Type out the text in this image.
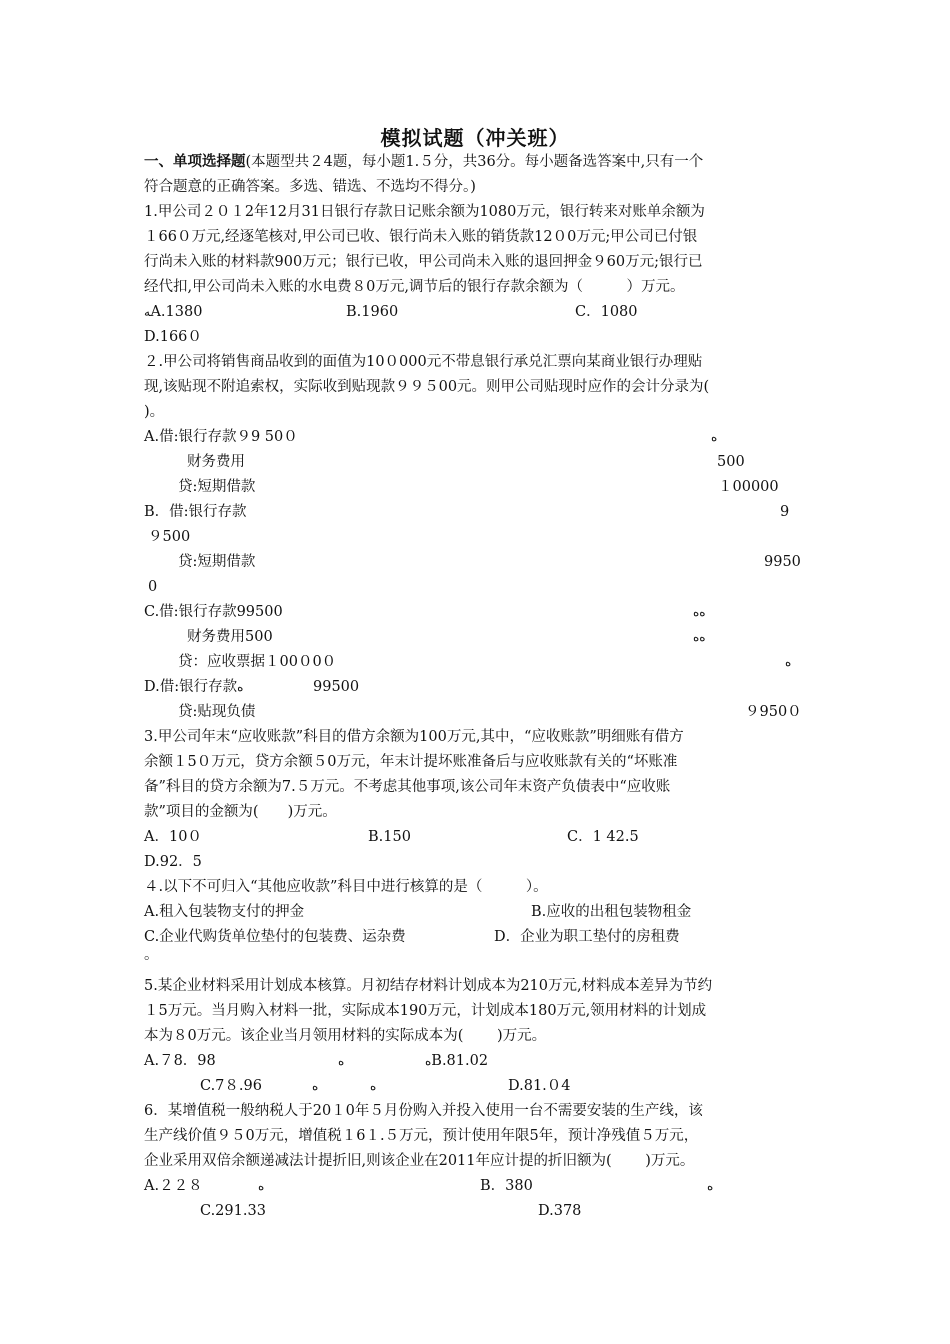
模拟试题（冲关班）
一、单项选择题(本题型共２4题，每小题1.５分，共36分。每小题备选答案中,只有一个
符合题意的正确答案。多选、错选、不选均不得分。)
1.甲公司２０１2年12月31日银行存款日记账余额为1080万元，银行转来对账单余额为
１66０万元,经逐笔核对,甲公司已收、银行尚未入账的销货款12０0万元;甲公司已付银
行尚未入账的材料款900万元；银行已收，甲公司尚未入账的退回押金９60万元;银行已
经代扣,甲公司尚未入账的水电费８0万元,调节后的银行存款余额为（　　　）万元。
ﻪA.1380	B.1960	C．1080
D.166０
２.甲公司将销售商品收到的面值为10０000元不带息银行承兑汇票向某商业银行办理贴
现,该贴现不附追索权，实际收到贴现款９９５00元。则甲公司贴现时应作的会计分录为(
)。
A.借:银行存款９9 50０	ﻩ
财务费用	500
贷:短期借款	１00000
B．借:银行存款	9
９500
贷:短期借款	9950
0
C.借:银行存款99500	ﻩﻩ
财务费用500	ﻩﻩ
贷：应收票据１00０0０	ﻩ
D.借:银行存款ﻩ	99500
贷:贴现负债	９950０
3.甲公司年末“应收账款”科目的借方余额为100万元,其中，“应收账款”明细账有借方
余额１5０万元，贷方余额５0万元，年末计提坏账准备后与应收账款有关的“坏账准
备”科目的贷方余额为7.５万元。不考虑其他事项,该公司年末资产负债表中“应收账
款”项目的金额为(　　)万元。
A．10０	B.150	C．1 42.5
D.92．5
４.以下不可归入“其他应收款”科目中进行核算的是（　　　）。
A.租入包装物支付的押金	B.应收的出租包装物租金
C.企业代购货单位垫付的包装费、运杂费	D．企业为职工垫付的房租费
。
5.某企业材料采用计划成本核算。月初结存材料计划成本为210万元,材料成本差异为节约
１5万元。当月购入材料一批，实际成本190万元，计划成本180万元,领用材料的计划成
本为８0万元。该企业当月领用材料的实际成本为(　　 )万元。
A.７8．98	ﻩ	ﻩB.81.02
C.7８.96	ﻩ	ﻩ	D.81.０4
6．某增值税一般纳税人于20１0年５月份购入并投入使用一台不需要安装的生产线，该
生产线价值９５0万元，增值税１6１.５万元，预计使用年限5年，预计净残值５万元，
企业采用双倍余额递减法计提折旧,则该企业在2011年应计提的折旧额为(　　 )万元。
A.２２８	ﻩ	B．380	ﻩ
C.291.33	D.378
